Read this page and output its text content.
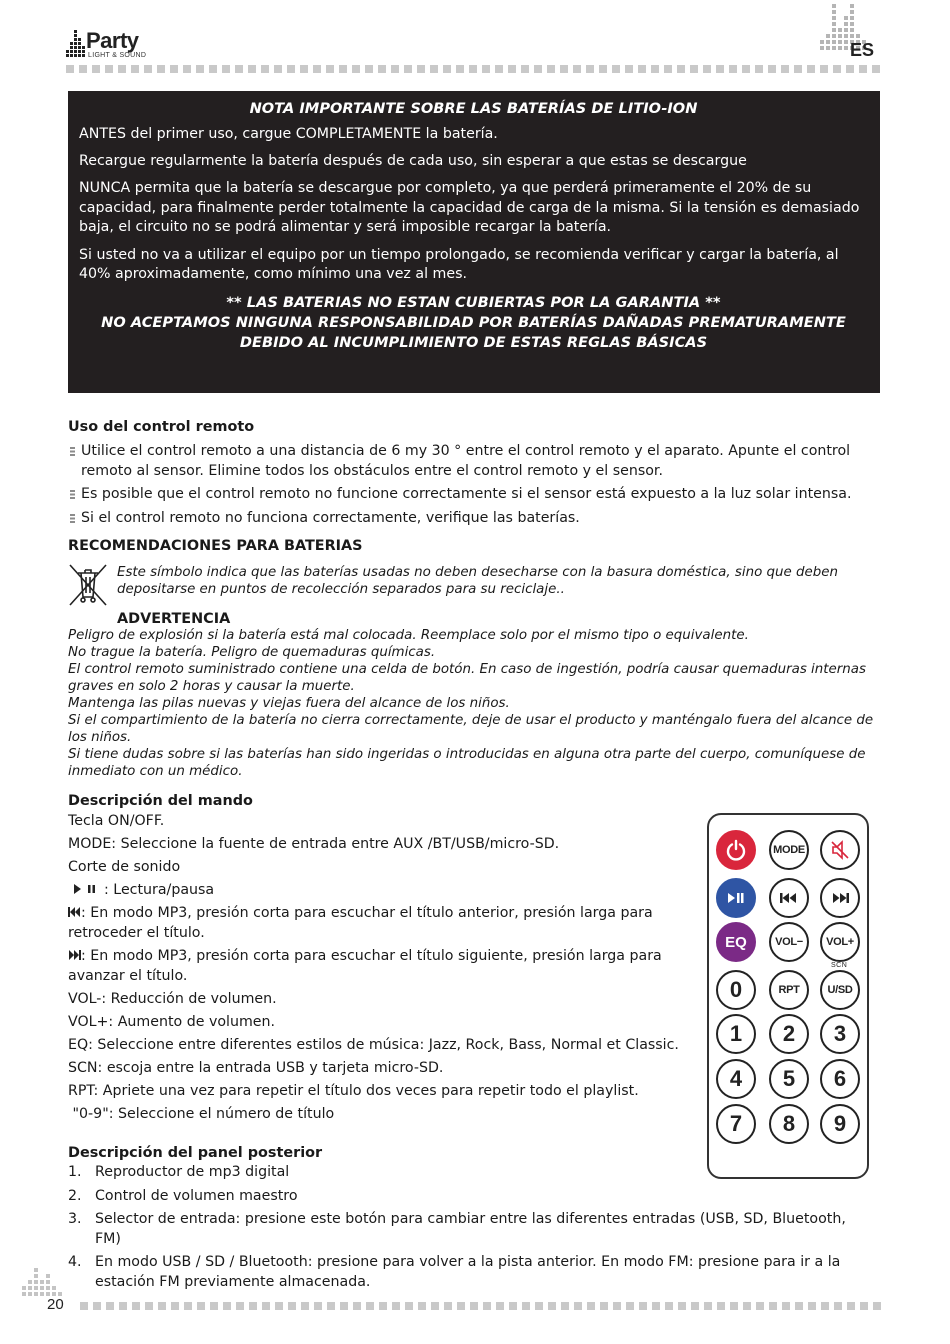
Party
LIGHT & SOUND	ES

NOTA IMPORTANTE SOBRE LAS BATERÍAS DE LITIO-ION

ANTES del primer uso, cargue COMPLETAMENTE la batería.

Recargue regularmente la batería después de cada uso, sin esperar a que estas se descargue

NUNCA permita que la batería se descargue por completo, ya que perderá primeramente el 20% de su capacidad, para finalmente perder totalmente la capacidad de carga de la misma. Si la tensión es demasiado baja, el circuito no se podrá alimentar y será imposible recargar la batería.

Si usted no va a utilizar el equipo por un tiempo prolongado, se recomienda verificar y cargar la batería, al 40% aproximadamente, como mínimo una vez al mes.

** LAS BATERIAS NO ESTAN CUBIERTAS POR LA GARANTIA **

NO ACEPTAMOS NINGUNA RESPONSABILIDAD POR BATERÍAS DAÑADAS PREMATURAMENTE DEBIDO AL INCUMPLIMIENTO DE ESTAS REGLAS BÁSICAS

Uso del control remoto
Utilice el control remoto a una distancia de 6 my 30 ° entre el control remoto y el aparato. Apunte el control remoto al sensor. Elimine todos los obstáculos entre el control remoto y el sensor.
Es posible que el control remoto no funcione correctamente si el sensor está expuesto a la luz solar intensa.
Si el control remoto no funciona correctamente, verifique las baterías.
RECOMENDACIONES PARA BATERIAS
Este símbolo indica que las baterías usadas no deben desecharse con la basura doméstica, sino que deben depositarse en puntos de recolección separados para su reciclaje..
ADVERTENCIA
Peligro de explosión si la batería está mal colocada. Reemplace solo por el mismo tipo o equivalente.
No trague la batería. Peligro de quemaduras químicas.
El control remoto suministrado contiene una celda de botón. En caso de ingestión, podría causar quemaduras internas graves en solo 2 horas y causar la muerte.
Mantenga las pilas nuevas y viejas fuera del alcance de los niños.
Si el compartimiento de la batería no cierra correctamente, deje de usar el producto y manténgalo fuera del alcance de los niños.
Si tiene dudas sobre si las baterías han sido ingeridas o introducidas en alguna otra parte del cuerpo, comuníquese de inmediato con un médico.
Descripción del mando
Tecla ON/OFF.
MODE: Seleccione la fuente de entrada entre AUX /BT/USB/micro-SD.
Corte de sonido
: Lectura/pausa
: En modo MP3, presión corta para escuchar el título anterior, presión larga para retroceder el título.
: En modo MP3, presión corta para escuchar el título siguiente, presión larga para avanzar el título.
VOL-: Reducción de volumen.
VOL+: Aumento de volumen.
EQ: Seleccione entre diferentes estilos de música: Jazz, Rock, Bass, Normal et Classic.
SCN: escoja entre la entrada USB y tarjeta micro-SD.
RPT: Apriete una vez para repetir el título dos veces para repetir todo el playlist.
"0-9": Seleccione el número de título
MODE
EQ	VOL−	VOL+
SCN
0	RPT	U/SD
1	2	3
4	5	6
7	8	9
Descripción del panel posterior
1. Reproductor de mp3 digital
2. Control de volumen maestro
3. Selector de entrada: presione este botón para cambiar entre las diferentes entradas (USB, SD, Bluetooth, FM)
4. En modo USB / SD / Bluetooth: presione para volver a la pista anterior. En modo FM: presione para ir a la estación FM previamente almacenada.
20
